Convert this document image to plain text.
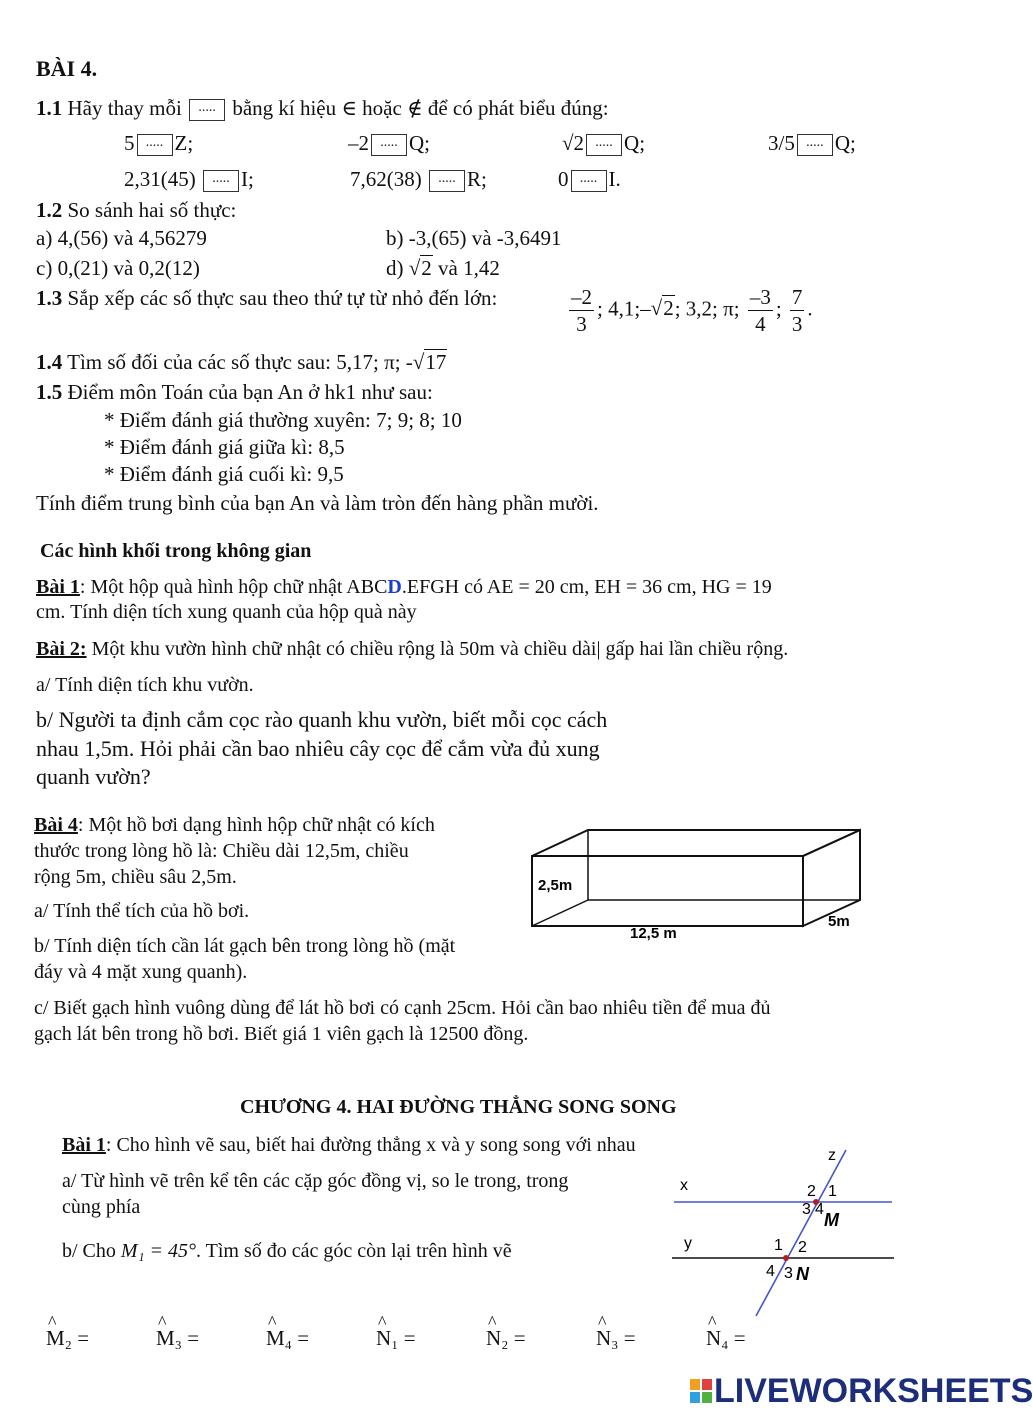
BÀI 4.
1.1 Hãy thay mỗi ..... bằng kí hiệu ∈ hoặc ∉ để có phát biểu đúng:
5 ..... Z;	–2 ..... Q;	√2 ..... Q;	3/5 ..... Q;
2,31(45) ..... I;	7,62(38) ..... R;	0 ..... I.
1.2 So sánh hai số thực:
a) 4,(56) và 4,56279	b) -3,(65) và -3,6491
c) 0,(21) và 0,2(12)	d) √2 và 1,42
1.3 Sắp xếp các số thực sau theo thứ tự từ nhỏ đến lớn:	$\frac{-2}{3}$ ; 4,1;–√2; 3,2; π; $\frac{-3}{4}$ ; $\frac{7}{3}$ .
1.4 Tìm số đối của các số thực sau: 5,17; π; -√17
1.5 Điểm môn Toán của bạn An ở hk1 như sau:
* Điểm đánh giá thường xuyên: 7; 9; 8; 10
* Điểm đánh giá giữa kì: 8,5
* Điểm đánh giá cuối kì: 9,5
Tính điểm trung bình của bạn An và làm tròn đến hàng phần mười.
Các hình khối trong không gian
Bài 1: Một hộp quà hình hộp chữ nhật ABCD.EFGH có AE = 20 cm, EH = 36 cm, HG = 19
cm. Tính diện tích xung quanh của hộp quà này
Bài 2: Một khu vườn hình chữ nhật có chiều rộng là 50m và chiều dài| gấp hai lần chiều rộng.
a/ Tính diện tích khu vườn.
b/ Người ta định cắm cọc rào quanh khu vườn, biết mỗi cọc cách
nhau 1,5m. Hỏi phải cần bao nhiêu cây cọc để cắm vừa đủ xung
quanh vườn?
Bài 4: Một hồ bơi dạng hình hộp chữ nhật có kích
thước trong lòng hồ là: Chiều dài 12,5m, chiều
rộng 5m, chiều sâu 2,5m.
a/ Tính thể tích của hồ bơi.
b/ Tính diện tích cần lát gạch bên trong lòng hồ (mặt
đáy và 4 mặt xung quanh).
c/ Biết gạch hình vuông dùng để lát hồ bơi có cạnh 25cm. Hỏi cần bao nhiêu tiền để mua đủ
gạch lát bên trong hồ bơi. Biết giá 1 viên gạch là 12500 đồng.
2,5m
12,5 m
5m
CHƯƠNG 4. HAI ĐƯỜNG THẲNG SONG SONG
Bài 1: Cho hình vẽ sau, biết hai đường thẳng x và y song song với nhau
a/ Từ hình vẽ trên kể tên các cặp góc đồng vị, so le trong, trong
cùng phía
b/ Cho M₁ = 45°. Tìm số đo các góc còn lại trên hình vẽ
z
x
y
2 1
3 4
M
1 2
4 3 N
^ M₂ =	^ M₃ =	^ M₄ =	^ N₁ =	^ N₂ =	^ N₃ =	^ N₄ =
LIVEWORKSHEETS
